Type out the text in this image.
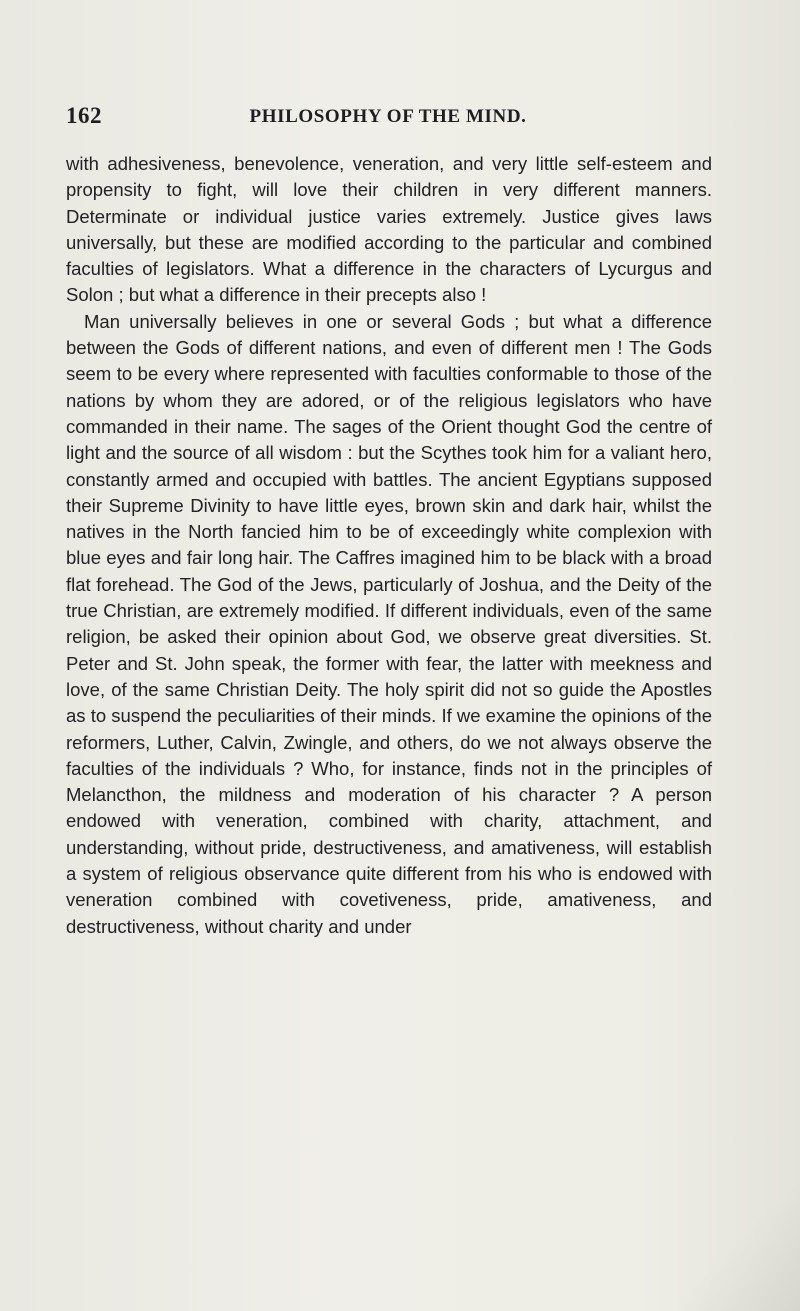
162	PHILOSOPHY OF THE MIND.

with adhesiveness, benevolence, veneration, and very little self-esteem and propensity to fight, will love their children in very different manners. Determinate or individual justice varies extremely. Justice gives laws universally, but these are modified according to the particular and combined faculties of legislators. What a difference in the characters of Lycurgus and Solon ; but what a difference in their precepts also !

Man universally believes in one or several Gods ; but what a difference between the Gods of different nations, and even of different men ! The Gods seem to be every where represented with faculties conformable to those of the nations by whom they are adored, or of the religious legislators who have commanded in their name. The sages of the Orient thought God the centre of light and the source of all wisdom : but the Scythes took him for a valiant hero, constantly armed and occupied with battles. The ancient Egyptians supposed their Supreme Divinity to have little eyes, brown skin and dark hair, whilst the natives in the North fancied him to be of exceedingly white complexion with blue eyes and fair long hair. The Caffres imagined him to be black with a broad flat forehead. The God of the Jews, particularly of Joshua, and the Deity of the true Christian, are extremely modified. If different individuals, even of the same religion, be asked their opinion about God, we observe great diversities. St. Peter and St. John speak, the former with fear, the latter with meekness and love, of the same Christian Deity. The holy spirit did not so guide the Apostles as to suspend the peculiarities of their minds. If we examine the opinions of the reformers, Luther, Calvin, Zwingle, and others, do we not always observe the faculties of the individuals ? Who, for instance, finds not in the principles of Melancthon, the mildness and moderation of his character ? A person endowed with veneration, combined with charity, attachment, and understanding, without pride, destructiveness, and amativeness, will establish a system of religious observance quite different from his who is endowed with veneration combined with covetiveness, pride, amativeness, and destructiveness, without charity and under
